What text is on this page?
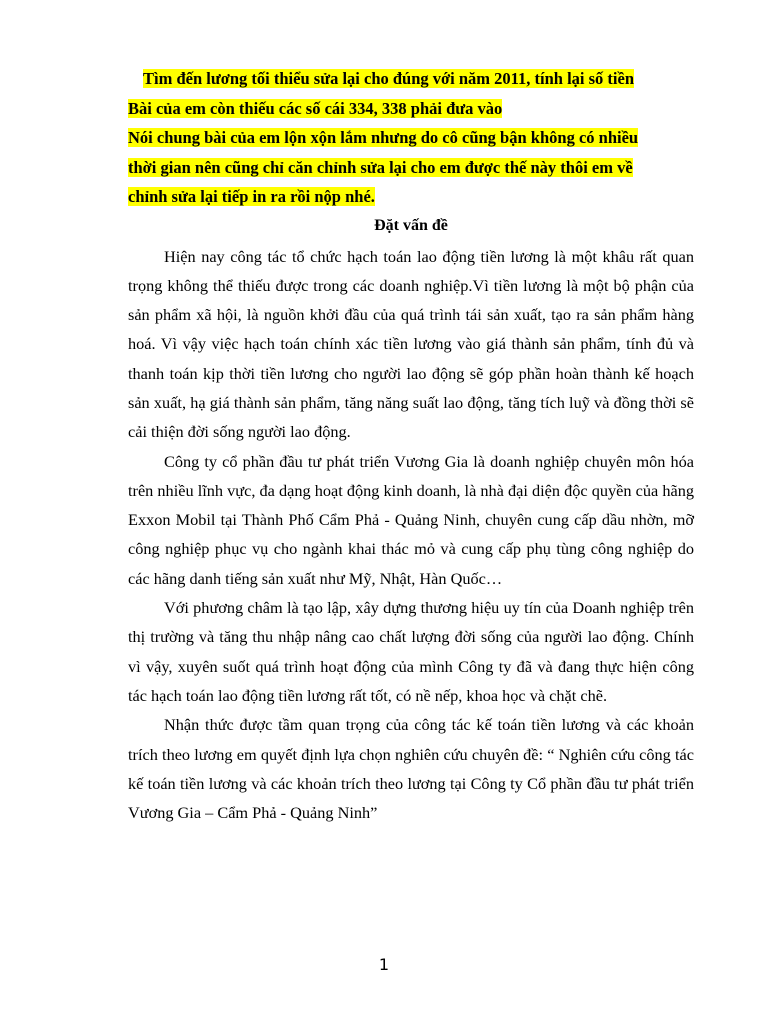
Tìm đến lương tối thiểu sửa lại cho đúng với năm 2011, tính lại số tiền
Bài của em còn thiếu các số cái 334, 338 phải đưa vào
Nói chung bài của em lộn xộn lắm nhưng do cô cũng bận không có nhiều
thời gian nên cũng chỉ căn chỉnh sửa lại cho em được thế này thôi em về
chỉnh sửa lại tiếp in ra rồi nộp nhé.
Đặt vấn đề

Hiện nay công tác tổ chức hạch toán lao động tiền lương là một khâu rất quan trọng không thể thiếu được trong các doanh nghiệp.Vì tiền lương là một bộ phận của sản phẩm xã hội, là nguồn khởi đầu của quá trình tái sản xuất, tạo ra sản phẩm hàng hoá. Vì vậy việc hạch toán chính xác tiền lương vào giá thành sản phẩm, tính đủ và thanh toán kịp thời tiền lương cho người lao động sẽ góp phần hoàn thành kế hoạch sản xuất, hạ giá thành sản phẩm, tăng năng suất lao động, tăng tích luỹ và đồng thời sẽ cải thiện đời sống người lao động.

Công ty cổ phần đầu tư phát triển Vương Gia là doanh nghiệp chuyên môn hóa trên nhiều lĩnh vực, đa dạng hoạt động kinh doanh, là nhà đại diện độc quyền của hãng Exxon Mobil tại Thành Phố Cẩm Phả - Quảng Ninh, chuyên cung cấp dầu nhờn, mỡ công nghiệp phục vụ cho ngành khai thác mỏ và cung cấp phụ tùng công nghiệp do các hãng danh tiếng sản xuất như Mỹ, Nhật, Hàn Quốc…

Với phương châm là tạo lập, xây dựng thương hiệu uy tín của Doanh nghiệp trên thị trường và tăng thu nhập nâng cao chất lượng đời sống của người lao động. Chính vì vậy, xuyên suốt quá trình hoạt động của mình Công ty đã và đang thực hiện công tác hạch toán lao động tiền lương rất tốt, có nề nếp, khoa học và chặt chẽ.

Nhận thức được tầm quan trọng của công tác kế toán tiền lương và các khoản trích theo lương em quyết định lựa chọn nghiên cứu chuyên đề: “ Nghiên cứu công tác kế toán tiền lương và các khoản trích theo lương tại Công ty Cổ phần đầu tư phát triển Vương Gia – Cẩm Phả - Quảng Ninh”

1
